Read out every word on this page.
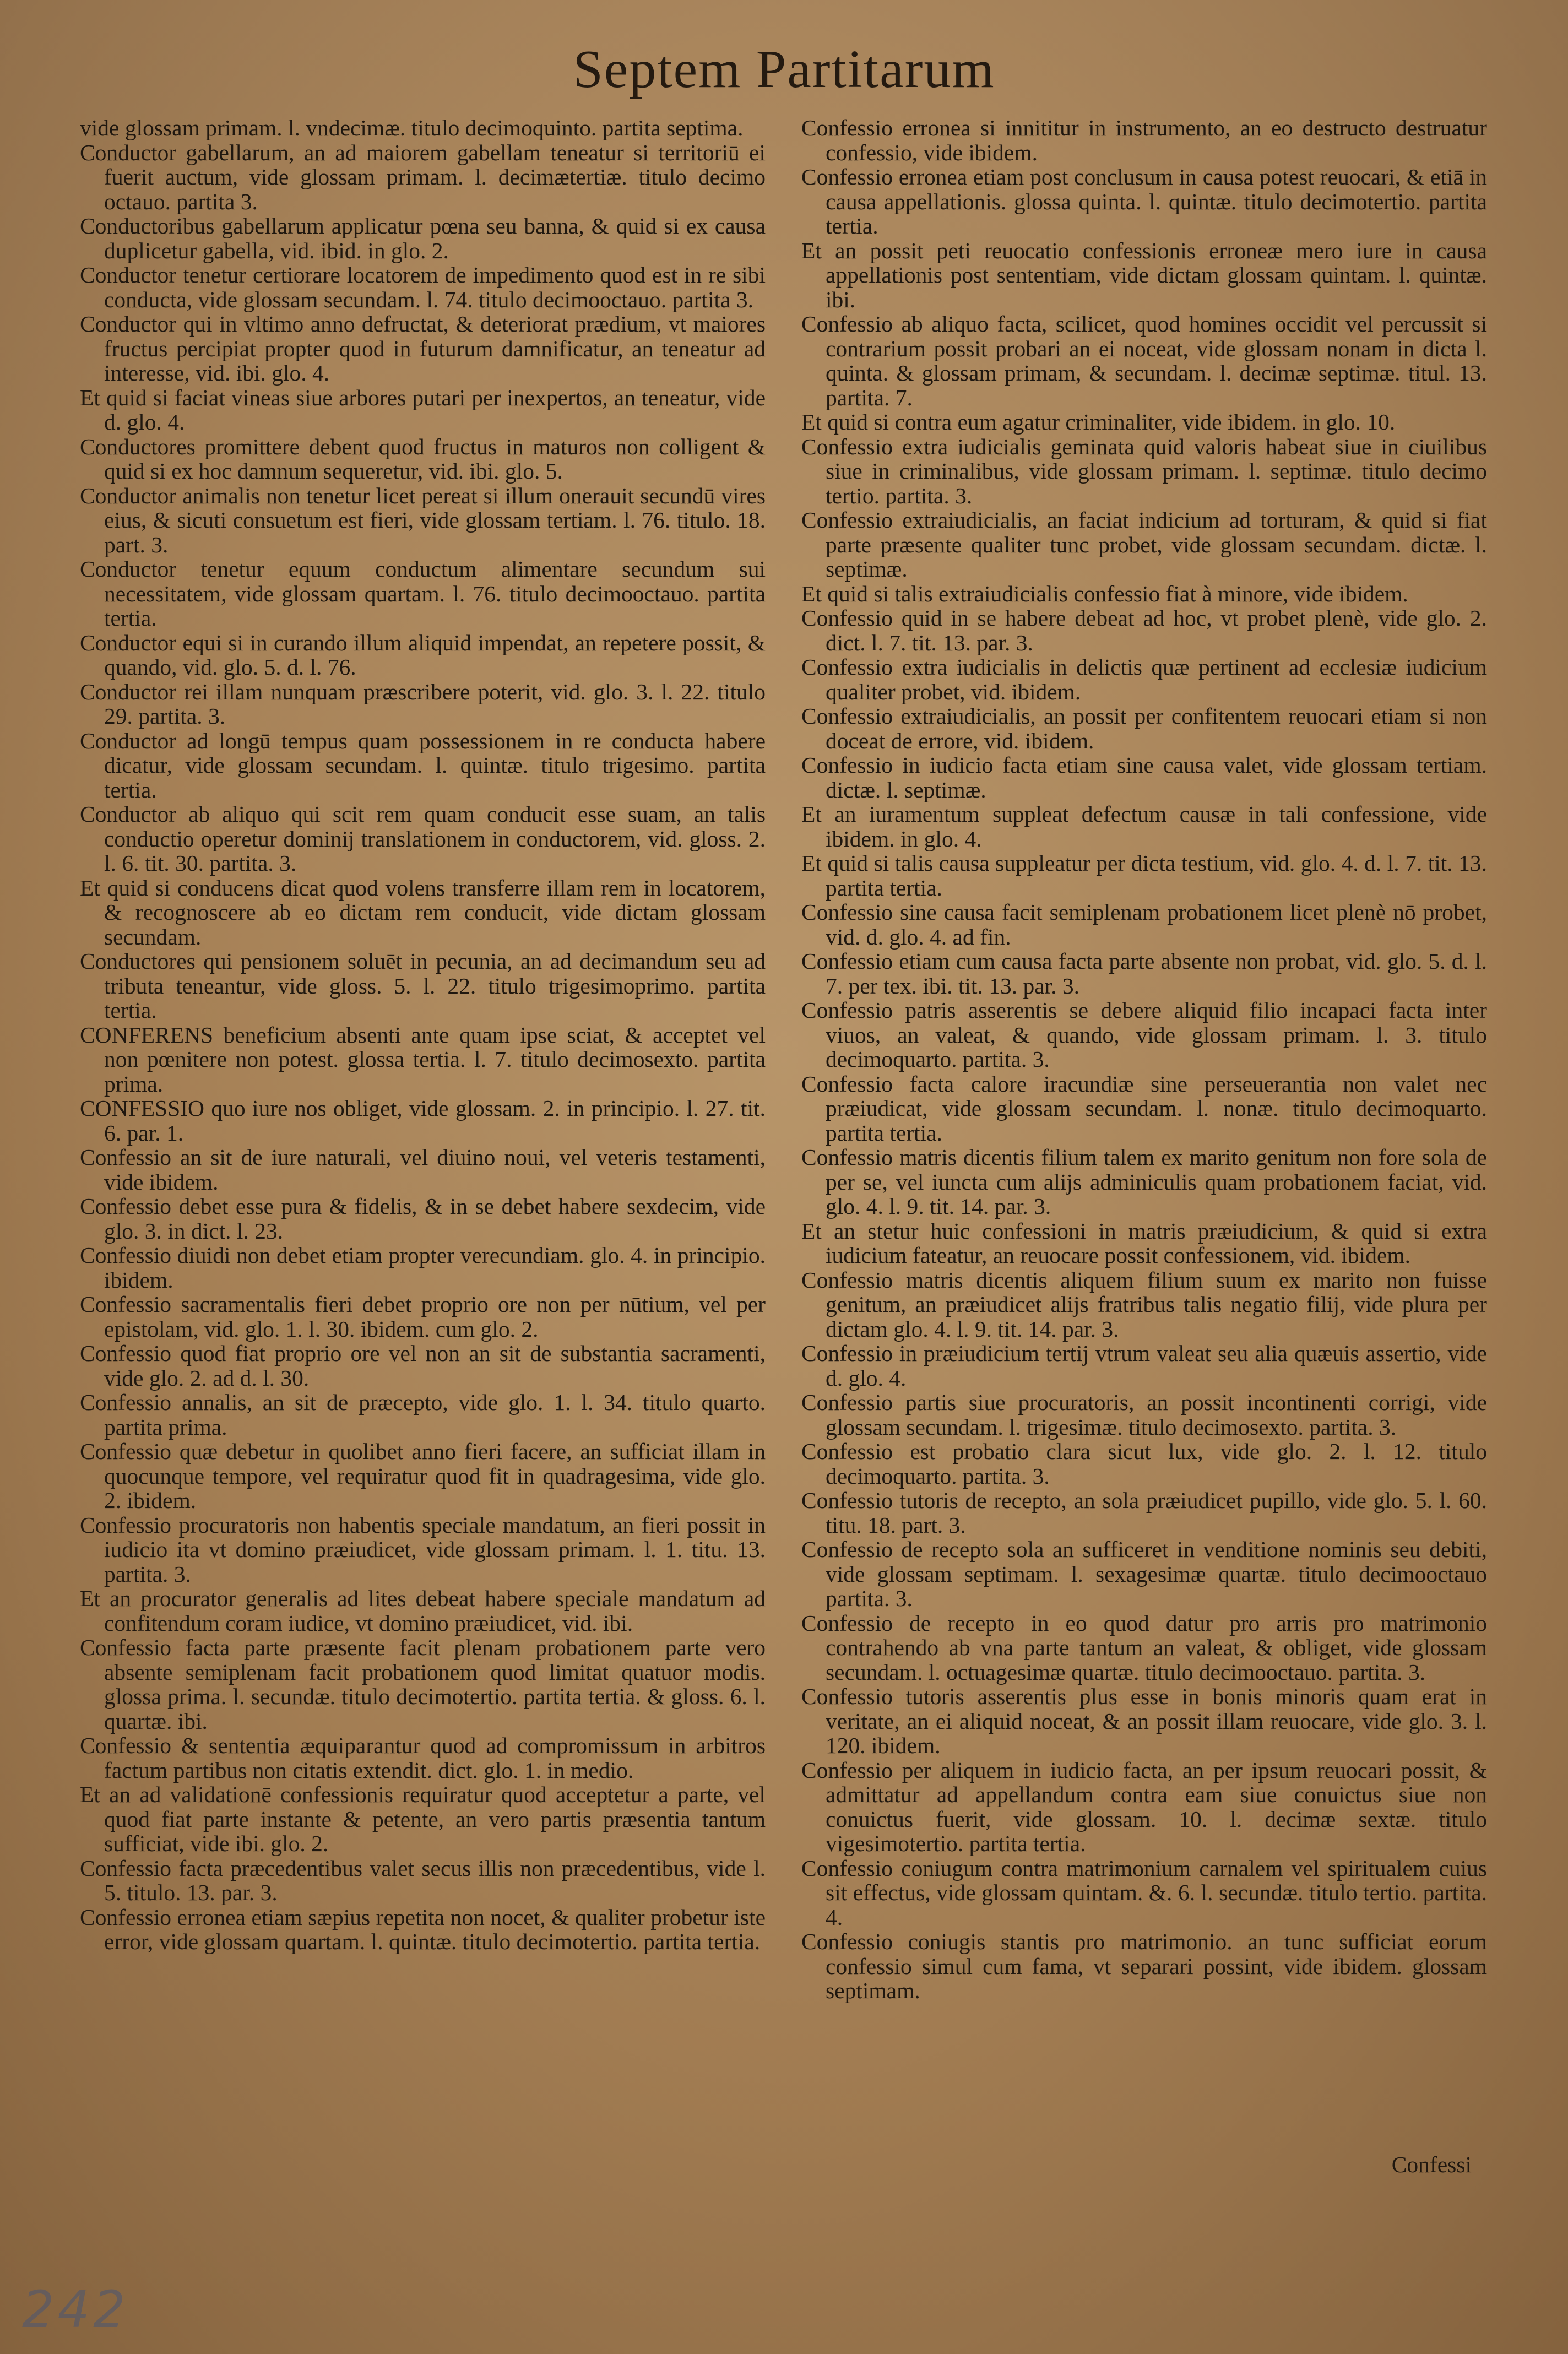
Septem Partitarum

vide glossam primam. l. vndecimæ. titulo decimoquinto. partita septima.

Conductor gabellarum, an ad maiorem gabellam teneatur si territoriū ei fuerit auctum, vide glossam primam. l. decimætertiæ. titulo decimo octauo. partita 3.

Conductoribus gabellarum applicatur pœna seu banna, & quid si ex causa duplicetur gabella, vid. ibid. in glo. 2.

Conductor tenetur certiorare locatorem de impedimento quod est in re sibi conducta, vide glossam secundam. l. 74. titulo decimooctauo. partita 3.

Conductor qui in vltimo anno defructat, & deteriorat prædium, vt maiores fructus percipiat propter quod in futurum damnificatur, an teneatur ad interesse, vid. ibi. glo. 4.

Et quid si faciat vineas siue arbores putari per inexpertos, an teneatur, vide d. glo. 4.

Conductores promittere debent quod fructus in maturos non colligent & quid si ex hoc damnum sequeretur, vid. ibi. glo. 5.

Conductor animalis non tenetur licet pereat si illum onerauit secundū vires eius, & sicuti consuetum est fieri, vide glossam tertiam. l. 76. titulo. 18. part. 3.

Conductor tenetur equum conductum alimentare secundum sui necessitatem, vide glossam quartam. l. 76. titulo decimooctauo. partita tertia.

Conductor equi si in curando illum aliquid impendat, an repetere possit, & quando, vid. glo. 5. d. l. 76.

Conductor rei illam nunquam præscribere poterit, vid. glo. 3. l. 22. titulo 29. partita. 3.

Conductor ad longū tempus quam possessionem in re conducta habere dicatur, vide glossam secundam. l. quintæ. titulo trigesimo. partita tertia.

Conductor ab aliquo qui scit rem quam conducit esse suam, an talis conductio operetur dominij translationem in conductorem, vid. gloss. 2. l. 6. tit. 30. partita. 3.

Et quid si conducens dicat quod volens transferre illam rem in locatorem, & recognoscere ab eo dictam rem conducit, vide dictam glossam secundam.

Conductores qui pensionem soluēt in pecunia, an ad decimandum seu ad tributa teneantur, vide gloss. 5. l. 22. titulo trigesimoprimo. partita tertia.

CONFERENS beneficium absenti ante quam ipse sciat, & acceptet vel non pœnitere non potest. glossa tertia. l. 7. titulo decimosexto. partita prima.

CONFESSIO quo iure nos obliget, vide glossam. 2. in principio. l. 27. tit. 6. par. 1.

Confessio an sit de iure naturali, vel diuino noui, vel veteris testamenti, vide ibidem.

Confessio debet esse pura & fidelis, & in se debet habere sexdecim, vide glo. 3. in dict. l. 23.

Confessio diuidi non debet etiam propter verecundiam. glo. 4. in principio. ibidem.

Confessio sacramentalis fieri debet proprio ore non per nūtium, vel per epistolam, vid. glo. 1. l. 30. ibidem. cum glo. 2.

Confessio quod fiat proprio ore vel non an sit de substantia sacramenti, vide glo. 2. ad d. l. 30.

Confessio annalis, an sit de præcepto, vide glo. 1. l. 34. titulo quarto. partita prima.

Confessio quæ debetur in quolibet anno fieri facere, an sufficiat illam in quocunque tempore, vel requiratur quod fit in quadragesima, vide glo. 2. ibidem.

Confessio procuratoris non habentis speciale mandatum, an fieri possit in iudicio ita vt domino præiudicet, vide glossam primam. l. 1. titu. 13. partita. 3.

Et an procurator generalis ad lites debeat habere speciale mandatum ad confitendum coram iudice, vt domino præiudicet, vid. ibi.

Confessio facta parte præsente facit plenam probationem parte vero absente semiplenam facit probationem quod limitat quatuor modis. glossa prima. l. secundæ. titulo decimotertio. partita tertia. & gloss. 6. l. quartæ. ibi.

Confessio & sententia æquiparantur quod ad compromissum in arbitros factum partibus non citatis extendit. dict. glo. 1. in medio.

Et an ad validationē confessionis requiratur quod acceptetur a parte, vel quod fiat parte instante & petente, an vero partis præsentia tantum sufficiat, vide ibi. glo. 2.

Confessio facta præcedentibus valet secus illis non præcedentibus, vide l. 5. titulo. 13. par. 3.

Confessio erronea etiam sæpius repetita non nocet, & qualiter probetur iste error, vide glossam quartam. l. quintæ. titulo decimotertio. partita tertia.

Confessio erronea si innititur in instrumento, an eo destructo destruatur confessio, vide ibidem.

Confessio erronea etiam post conclusum in causa potest reuocari, & etiā in causa appellationis. glossa quinta. l. quintæ. titulo decimotertio. partita tertia.

Et an possit peti reuocatio confessionis erroneæ mero iure in causa appellationis post sententiam, vide dictam glossam quintam. l. quintæ. ibi.

Confessio ab aliquo facta, scilicet, quod homines occidit vel percussit si contrarium possit probari an ei noceat, vide glossam nonam in dicta l. quinta. & glossam primam, & secundam. l. decimæ septimæ. titul. 13. partita. 7.

Et quid si contra eum agatur criminaliter, vide ibidem. in glo. 10.

Confessio extra iudicialis geminata quid valoris habeat siue in ciuilibus siue in criminalibus, vide glossam primam. l. septimæ. titulo decimo tertio. partita. 3.

Confessio extraiudicialis, an faciat indicium ad torturam, & quid si fiat parte præsente qualiter tunc probet, vide glossam secundam. dictæ. l. septimæ.

Et quid si talis extraiudicialis confessio fiat à minore, vide ibidem.

Confessio quid in se habere debeat ad hoc, vt probet plenè, vide glo. 2. dict. l. 7. tit. 13. par. 3.

Confessio extra iudicialis in delictis quæ pertinent ad ecclesiæ iudicium qualiter probet, vid. ibidem.

Confessio extraiudicialis, an possit per confitentem reuocari etiam si non doceat de errore, vid. ibidem.

Confessio in iudicio facta etiam sine causa valet, vide glossam tertiam. dictæ. l. septimæ.

Et an iuramentum suppleat defectum causæ in tali confessione, vide ibidem. in glo. 4.

Et quid si talis causa suppleatur per dicta testium, vid. glo. 4. d. l. 7. tit. 13. partita tertia.

Confessio sine causa facit semiplenam probationem licet plenè nō probet, vid. d. glo. 4. ad fin.

Confessio etiam cum causa facta parte absente non probat, vid. glo. 5. d. l. 7. per tex. ibi. tit. 13. par. 3.

Confessio patris asserentis se debere aliquid filio incapaci facta inter viuos, an valeat, & quando, vide glossam primam. l. 3. titulo decimoquarto. partita. 3.

Confessio facta calore iracundiæ sine perseuerantia non valet nec præiudicat, vide glossam secundam. l. nonæ. titulo decimoquarto. partita tertia.

Confessio matris dicentis filium talem ex marito genitum non fore sola de per se, vel iuncta cum alijs adminiculis quam probationem faciat, vid. glo. 4. l. 9. tit. 14. par. 3.

Et an stetur huic confessioni in matris præiudicium, & quid si extra iudicium fateatur, an reuocare possit confessionem, vid. ibidem.

Confessio matris dicentis aliquem filium suum ex marito non fuisse genitum, an præiudicet alijs fratribus talis negatio filij, vide plura per dictam glo. 4. l. 9. tit. 14. par. 3.

Confessio in præiudicium tertij vtrum valeat seu alia quæuis assertio, vide d. glo. 4.

Confessio partis siue procuratoris, an possit incontinenti corrigi, vide glossam secundam. l. trigesimæ. titulo decimosexto. partita. 3.

Confessio est probatio clara sicut lux, vide glo. 2. l. 12. titulo decimoquarto. partita. 3.

Confessio tutoris de recepto, an sola præiudicet pupillo, vide glo. 5. l. 60. titu. 18. part. 3.

Confessio de recepto sola an sufficeret in venditione nominis seu debiti, vide glossam septimam. l. sexagesimæ quartæ. titulo decimooctauo partita. 3.

Confessio de recepto in eo quod datur pro arris pro matrimonio contrahendo ab vna parte tantum an valeat, & obliget, vide glossam secundam. l. octuagesimæ quartæ. titulo decimooctauo. partita. 3.

Confessio tutoris asserentis plus esse in bonis minoris quam erat in veritate, an ei aliquid noceat, & an possit illam reuocare, vide glo. 3. l. 120. ibidem.

Confessio per aliquem in iudicio facta, an per ipsum reuocari possit, & admittatur ad appellandum contra eam siue conuictus siue non conuictus fuerit, vide glossam. 10. l. decimæ sextæ. titulo vigesimotertio. partita tertia.

Confessio coniugum contra matrimonium carnalem vel spiritualem cuius sit effectus, vide glossam quintam. &. 6. l. secundæ. titulo tertio. partita. 4.

Confessio coniugis stantis pro matrimonio. an tunc sufficiat eorum confessio simul cum fama, vt separari possint, vide ibidem. glossam septimam.

Confessi
242
